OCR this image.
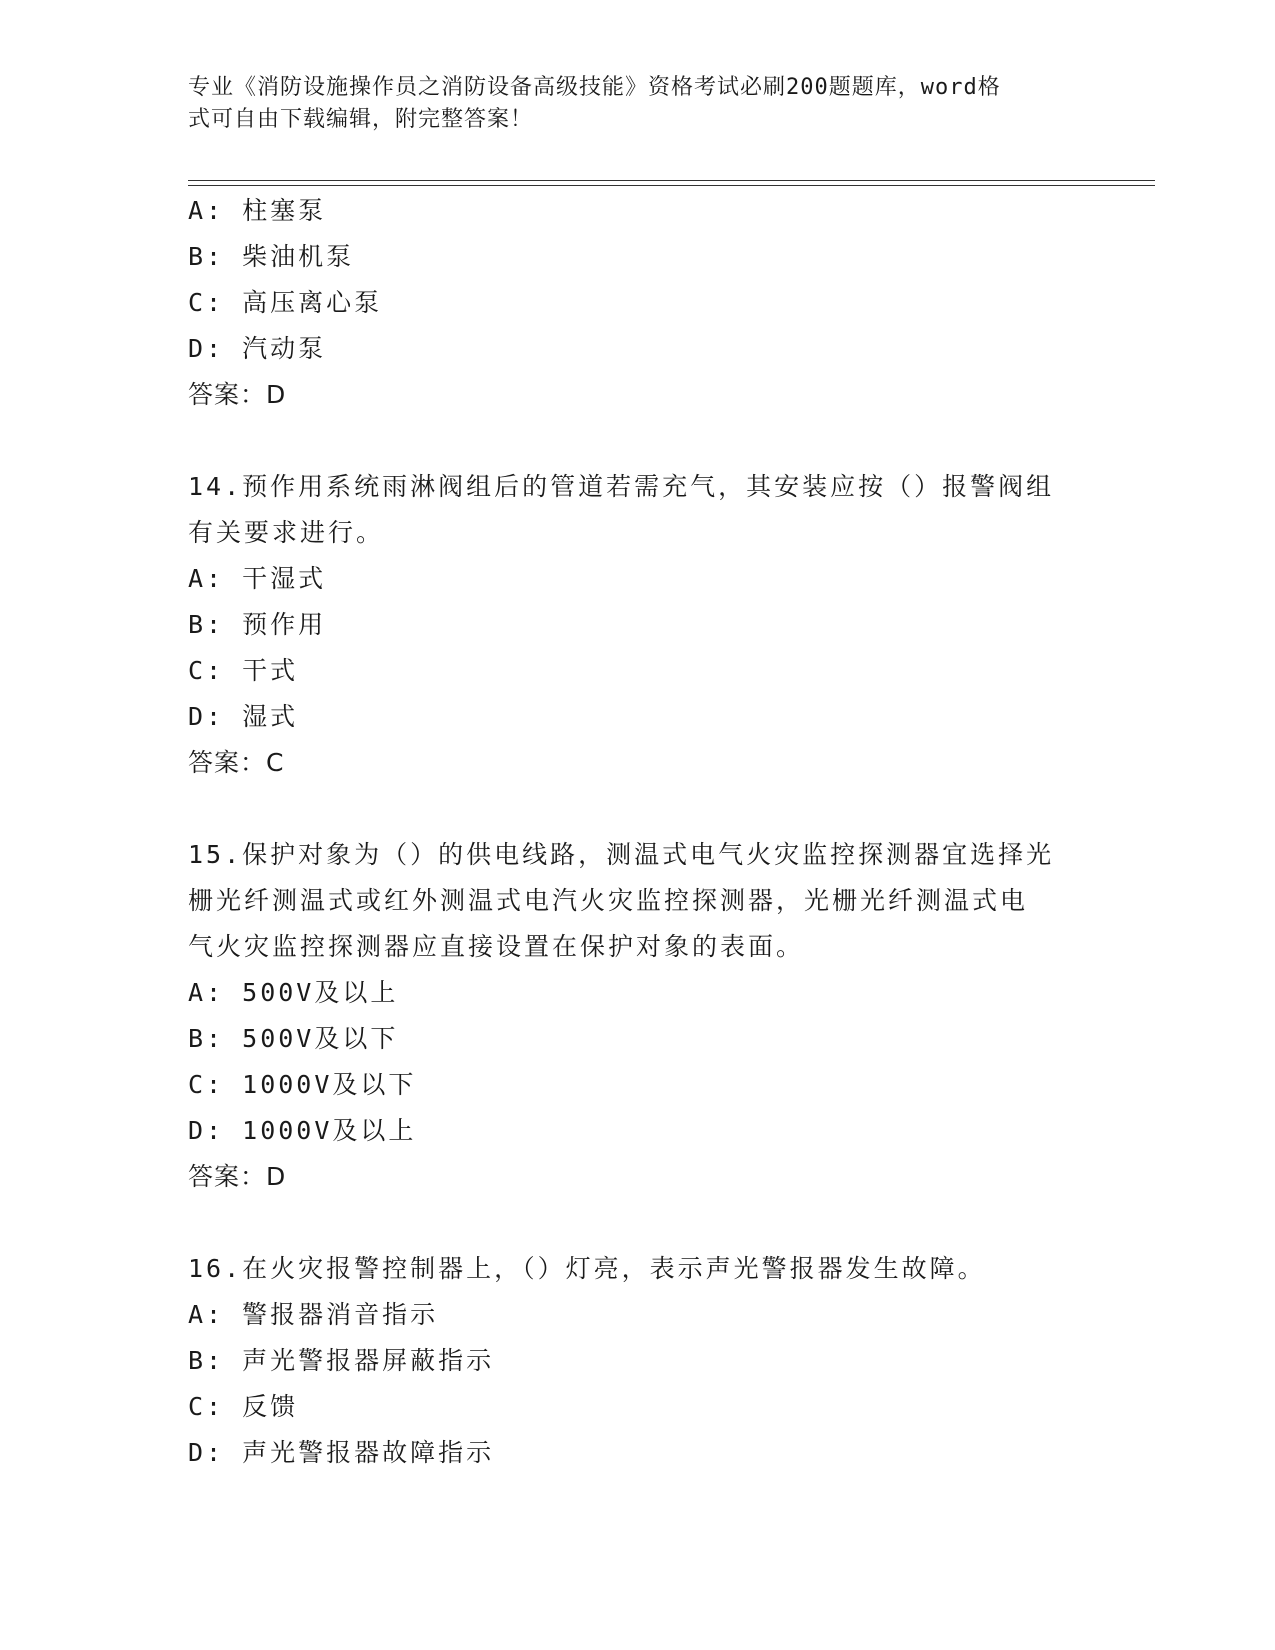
专业《消防设施操作员之消防设备高级技能》资格考试必刷200题题库，word格
式可自由下载编辑，附完整答案！
A: 柱塞泵
B: 柴油机泵
C: 高压离心泵
D: 汽动泵
答案：D
14.预作用系统雨淋阀组后的管道若需充气，其安装应按（）报警阀组
有关要求进行。
A: 干湿式
B: 预作用
C: 干式
D: 湿式
答案：C
15.保护对象为（）的供电线路，测温式电气火灾监控探测器宜选择光
栅光纤测温式或红外测温式电汽火灾监控探测器，光栅光纤测温式电
气火灾监控探测器应直接设置在保护对象的表面。
A: 500V及以上
B: 500V及以下
C: 1000V及以下
D: 1000V及以上
答案：D
16.在火灾报警控制器上，（）灯亮，表示声光警报器发生故障。
A: 警报器消音指示
B: 声光警报器屏蔽指示
C: 反馈
D: 声光警报器故障指示
